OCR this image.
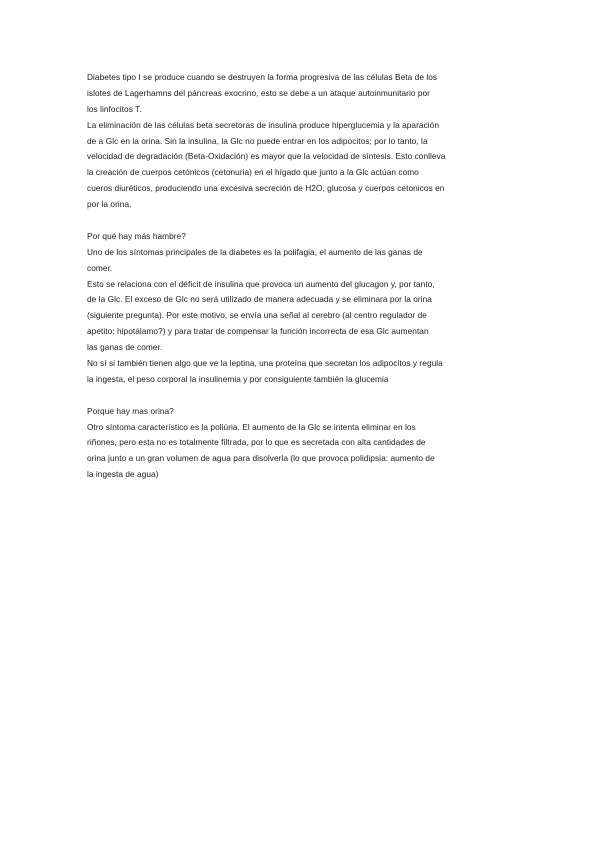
Diabetes tipo I se produce cuando se destruyen la forma progresiva de las células Beta de los
islotes de Lagerhamns del páncreas exocrino, esto se debe a un ataque autoinmunitario por
los linfocitos T.
La eliminación de las células beta secretoras de insulina produce hiperglucemia y la aparación
de a Glc en la orina. Sin la insulina, la Glc no puede entrar en los adipocitos; por lo tanto, la
velocidad de degradación (Beta-Oxidación) es mayor que la velocidad de síntesis. Esto conlleva
la creación de cuerpos cetónicos (cetonuria) en el hígado que junto a la Glc actúan como
cueros diuréticos, produciendo una excesiva secreción de H2O, glucosa y cuerpos cetonicos en
por la orina.
Por qué hay más hambre?
Uno de los síntomas principales de la diabetes es la polifagia, el aumento de las ganas de
comer.
Esto se relaciona con el déficit de insulina que provoca un aumento del glucagon y, por tanto,
de la Glc. El exceso de Glc no será utilizado de manera adecuada y se eliminara por la orina
(siguiente pregunta). Por este motivo, se envía una señal al cerebro (al centro regulador de
apetito: hipotálamo?) y para tratar de compensar la función incorrecta de esa Glc aumentan
las ganas de comer.
No sí si también tienen algo que ve la leptina, una proteína que secretan los adipocitos y regula
la ingesta, el peso corporal la insulinemia y por consiguiente también la glucemia
Porque hay mas orina?
Otro síntoma característico es la poliúria. El aumento de la Glc se intenta eliminar en los
riñones, pero esta no es totalmente filtrada, por lo que es secretada con alta cantidades de
orina junto a un gran volumen de agua para disolverla (lo que provoca polidipsia: aumento de
la ingesta de agua)
